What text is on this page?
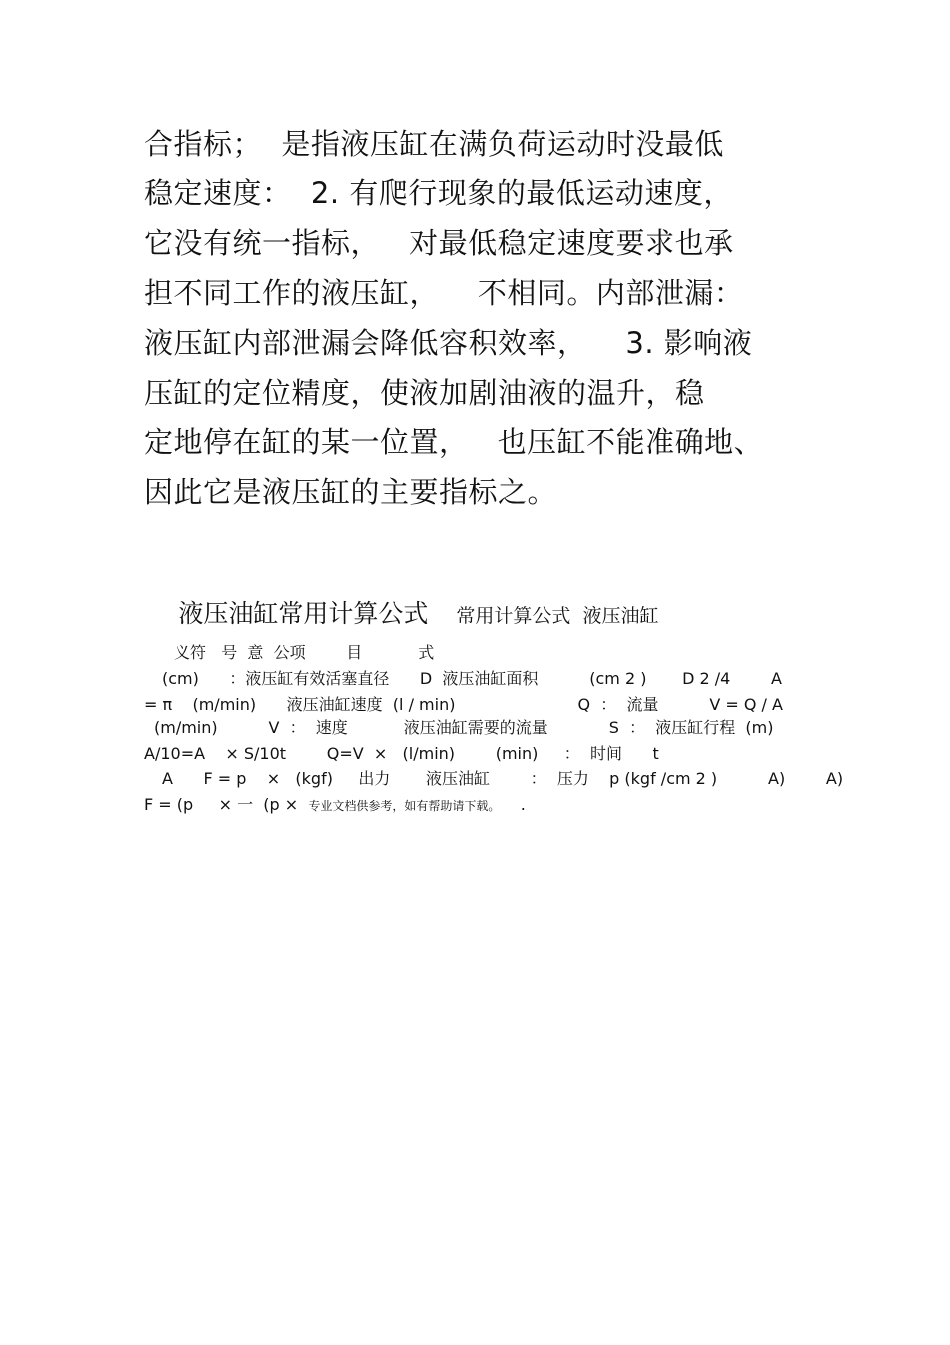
合指标；  是指液压缸在满负荷运动时没最低
稳定速度：  2. 有爬行现象的最低运动速度，
它没有统一指标，   对最低稳定速度要求也承
担不同工作的液压缸，    不相同。内部泄漏：
液压缸内部泄漏会降低容积效率，    3. 影响液
压缸的定位精度，使液加剧油液的温升，稳
定地停在缸的某一位置，   也压缸不能准确地、
因此它是液压缸的主要指标之。

液压油缸常用计算公式 常用计算公式  液压油缸

义符   号  意  公项        目           式
(cm)      ：液压缸有效活塞直径      D  液压油缸面积          (cm 2 )       D 2 /4        A
= π    (m/min)      液压油缸速度  (l / min)                        Q  ：  流量          V = Q / A
(m/min)          V  ：  速度           液压油缸需要的流量            S  ：  液压缸行程  (m)
A/10=A    × S/10t        Q=V  ×   (l/min)        (min)     ：  时间      t
A      F = p    ×   (kgf)     出力       液压油缸        ：  压力    p (kgf /cm 2 )          A)        A)
F = (p     × 一  (p × 专业文档供参考，如有帮助请下载。 .
